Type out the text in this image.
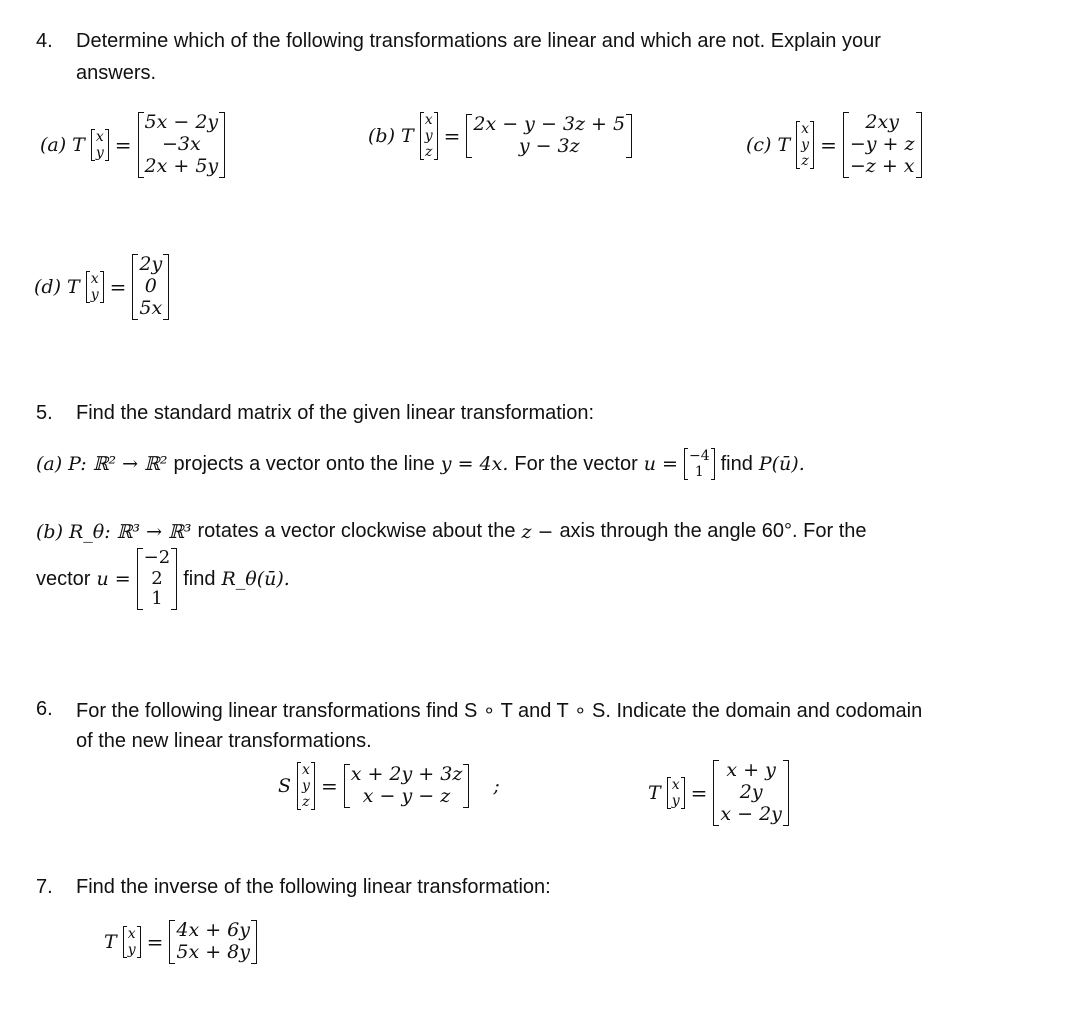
4. Determine which of the following transformations are linear and which are not. Explain your
answers.
(a) T x
y =
5x − 2y
−3x
2x + 5y
(b) T
x
y
z
= 2x − y − 3z + 5
y − 3z	(c) T
x
y
z
=
2xy
−y + z
−z + x
(d) T x
y =
2y
0
5x
5. Find the standard matrix of the given linear transformation:
(a) P: ℝ² → ℝ² projects a vector onto the line y = 4x. For the vector u = −4
1 find P(ū).
(b) R_θ: ℝ³ → ℝ³ rotates a vector clockwise about the z − axis through the angle 60°. For the
vector u =
−2
2
1
find R_θ(ū).
6. For the following linear transformations find S ∘ T and T ∘ S. Indicate the domain and codomain
of the new linear transformations.
S
x
y
z
= x + 2y + 3z
x − y − z ;	T x
y =
x + y
2y
x − 2y
7. Find the inverse of the following linear transformation:
T x
y = 4x + 6y
5x + 8y
